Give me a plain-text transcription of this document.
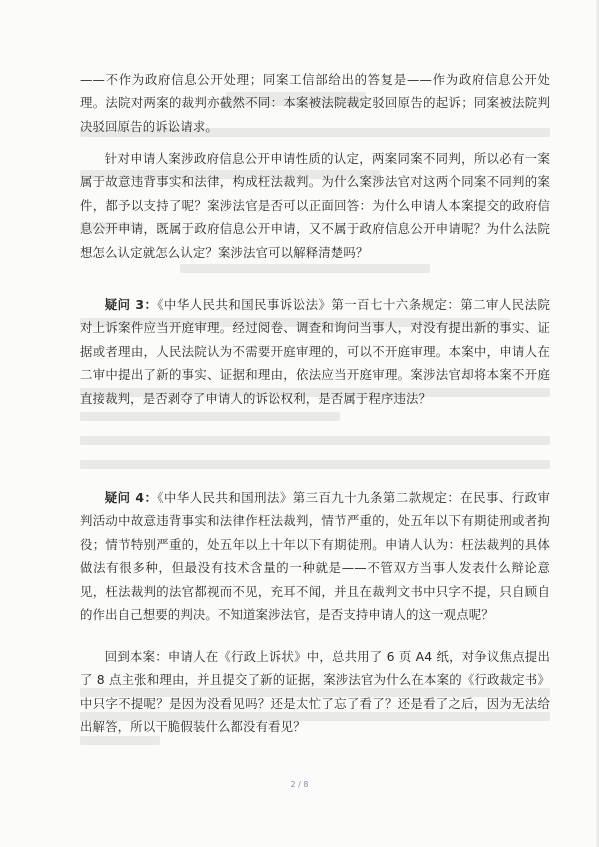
——不作为政府信息公开处理；同案工信部给出的答复是——作为政府信息公开处理。法院对两案的裁判亦截然不同：本案被法院裁定驳回原告的起诉；同案被法院判决驳回原告的诉讼请求。

针对申请人案涉政府信息公开申请性质的认定，两案同案不同判，所以必有一案属于故意违背事实和法律，构成枉法裁判。为什么案涉法官对这两个同案不同判的案件，都予以支持了呢？案涉法官是否可以正面回答：为什么申请人本案提交的政府信息公开申请，既属于政府信息公开申请，又不属于政府信息公开申请呢？为什么法院想怎么认定就怎么认定？案涉法官可以解释清楚吗？

疑问 3：《中华人民共和国民事诉讼法》第一百七十六条规定：第二审人民法院对上诉案件应当开庭审理。经过阅卷、调查和询问当事人，对没有提出新的事实、证据或者理由，人民法院认为不需要开庭审理的，可以不开庭审理。本案中，申请人在二审中提出了新的事实、证据和理由，依法应当开庭审理。案涉法官却将本案不开庭直接裁判，是否剥夺了申请人的诉讼权利，是否属于程序违法？

疑问 4：《中华人民共和国刑法》第三百九十九条第二款规定：在民事、行政审判活动中故意违背事实和法律作枉法裁判，情节严重的，处五年以下有期徒刑或者拘役；情节特别严重的，处五年以上十年以下有期徒刑。申请人认为：枉法裁判的具体做法有很多种，但最没有技术含量的一种就是——不管双方当事人发表什么辩论意见，枉法裁判的法官都视而不见，充耳不闻，并且在裁判文书中只字不提，只自顾自的作出自己想要的判决。不知道案涉法官，是否支持申请人的这一观点呢？

回到本案：申请人在《行政上诉状》中，总共用了 6 页 A4 纸，对争议焦点提出了 8 点主张和理由，并且提交了新的证据，案涉法官为什么在本案的《行政裁定书》中只字不提呢？是因为没看见吗？还是太忙了忘了看了？还是看了之后，因为无法给出解答，所以干脆假装什么都没有看见？

2 / 8
